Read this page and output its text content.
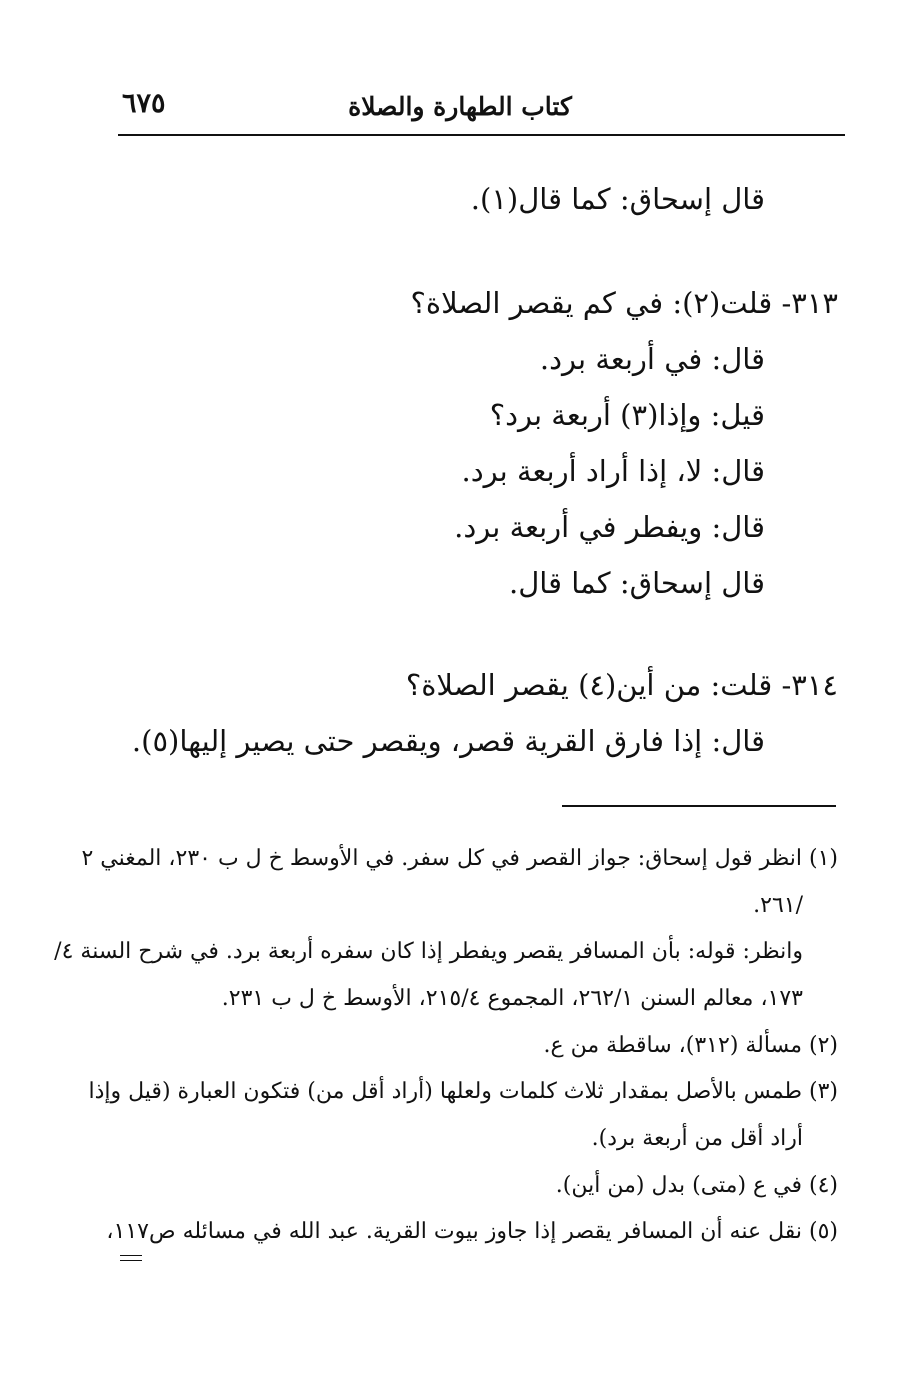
كتاب الطهارة والصلاة
٦٧٥
قال إسحاق: كما قال(١).
٣١٣- قلت(٢): في كم يقصر الصلاة؟
قال: في أربعة برد.
قيل: وإذا(٣) أربعة برد؟
قال: لا، إذا أراد أربعة برد.
قال: ويفطر في أربعة برد.
قال إسحاق: كما قال.
٣١٤- قلت: من أين(٤) يقصر الصلاة؟
قال: إذا فارق القرية قصر، ويقصر حتى يصير إليها(٥).
(١) انظر قول إسحاق: جواز القصر في كل سفر. في الأوسط خ ل ب ٢٣٠، المغني ٢
/٢٦١.
وانظر: قوله: بأن المسافر يقصر ويفطر إذا كان سفره أربعة برد. في شرح السنة ٤/
١٧٣، معالم السنن ٢٦٢/١، المجموع ٢١٥/٤، الأوسط خ ل ب ٢٣١.
(٢) مسألة (٣١٢)، ساقطة من ع.
(٣) طمس بالأصل بمقدار ثلاث كلمات ولعلها (أراد أقل من) فتكون العبارة (قيل وإذا
أراد أقل من أربعة برد).
(٤) في ع (متى) بدل (من أين).
(٥) نقل عنه أن المسافر يقصر إذا جاوز بيوت القرية. عبد الله في مسائله ص١١٧،
